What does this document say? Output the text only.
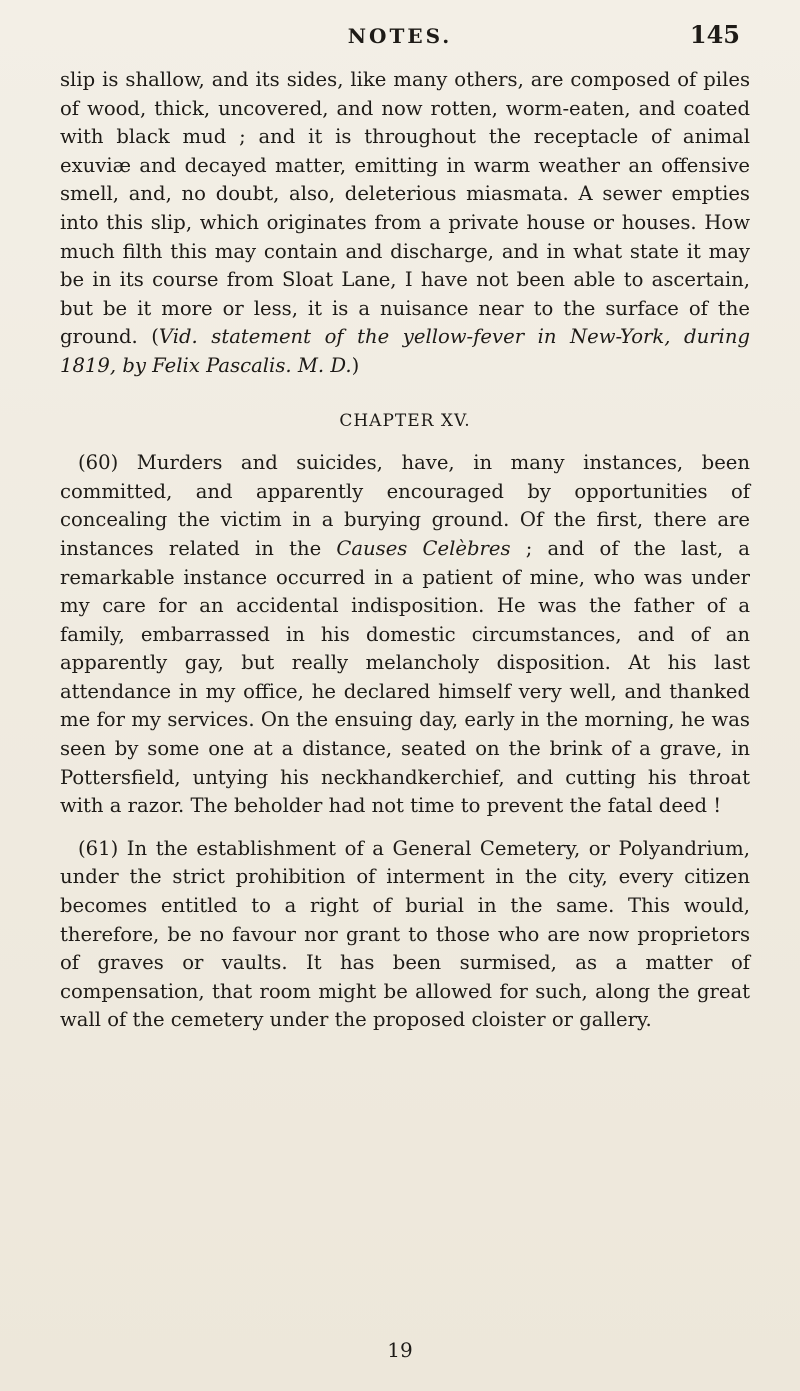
NOTES.	145

slip is shallow, and its sides, like many others, are composed of piles of wood, thick, uncovered, and now rotten, worm-eaten, and coated with black mud ; and it is throughout the receptacle of animal exuviæ and decayed matter, emitting in warm weather an offensive smell, and, no doubt, also, deleterious miasmata. A sewer empties into this slip, which originates from a private house or houses. How much filth this may contain and discharge, and in what state it may be in its course from Sloat Lane, I have not been able to ascertain, but be it more or less, it is a nuisance near to the surface of the ground. (Vid. statement of the yellow-fever in New-York, during 1819, by Felix Pascalis. M. D.)

CHAPTER XV.

(60) Murders and suicides, have, in many instances, been committed, and apparently encouraged by opportunities of concealing the victim in a burying ground. Of the first, there are instances related in the Causes Celèbres ; and of the last, a remarkable instance occurred in a patient of mine, who was under my care for an accidental indisposition. He was the father of a family, embarrassed in his domestic circumstances, and of an apparently gay, but really melancholy disposition. At his last attendance in my office, he declared himself very well, and thanked me for my services. On the ensuing day, early in the morning, he was seen by some one at a distance, seated on the brink of a grave, in Pottersfield, untying his neckhandkerchief, and cutting his throat with a razor. The beholder had not time to prevent the fatal deed !

(61) In the establishment of a General Cemetery, or Polyandrium, under the strict prohibition of interment in the city, every citizen becomes entitled to a right of burial in the same. This would, therefore, be no favour nor grant to those who are now proprietors of graves or vaults. It has been surmised, as a matter of compensation, that room might be allowed for such, along the great wall of the cemetery under the proposed cloister or gallery.

19
